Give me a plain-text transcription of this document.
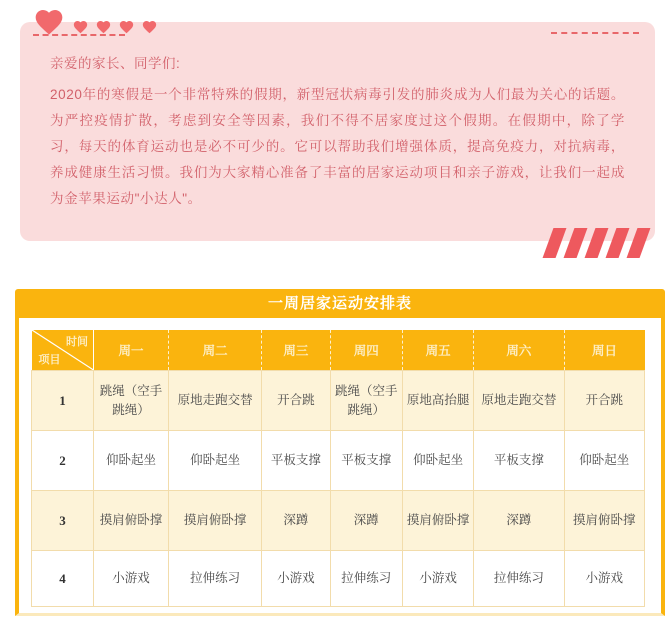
亲爱的家长、同学们:
2020年的寒假是一个非常特殊的假期，新型冠状病毒引发的肺炎成为人们最为关心的话题。为严控疫情扩散，考虑到安全等因素，我们不得不居家度过这个假期。在假期中，除了学习，每天的体育运动也是必不可少的。它可以帮助我们增强体质，提高免疫力，对抗病毒，养成健康生活习惯。我们为大家精心准备了丰富的居家运动项目和亲子游戏，让我们一起成为金苹果运动"小达人"。
一周居家运动安排表
时间
项目	周一	周二	周三	周四	周五	周六	周日
1	跳绳（空手跳绳）	原地走跑交替	开合跳	跳绳（空手跳绳）	原地高抬腿	原地走跑交替	开合跳
2	仰卧起坐	仰卧起坐	平板支撑	平板支撑	仰卧起坐	平板支撑	仰卧起坐
3	摸肩俯卧撑	摸肩俯卧撑	深蹲	深蹲	摸肩俯卧撑	深蹲	摸肩俯卧撑
4	小游戏	拉伸练习	小游戏	拉伸练习	小游戏	拉伸练习	小游戏
